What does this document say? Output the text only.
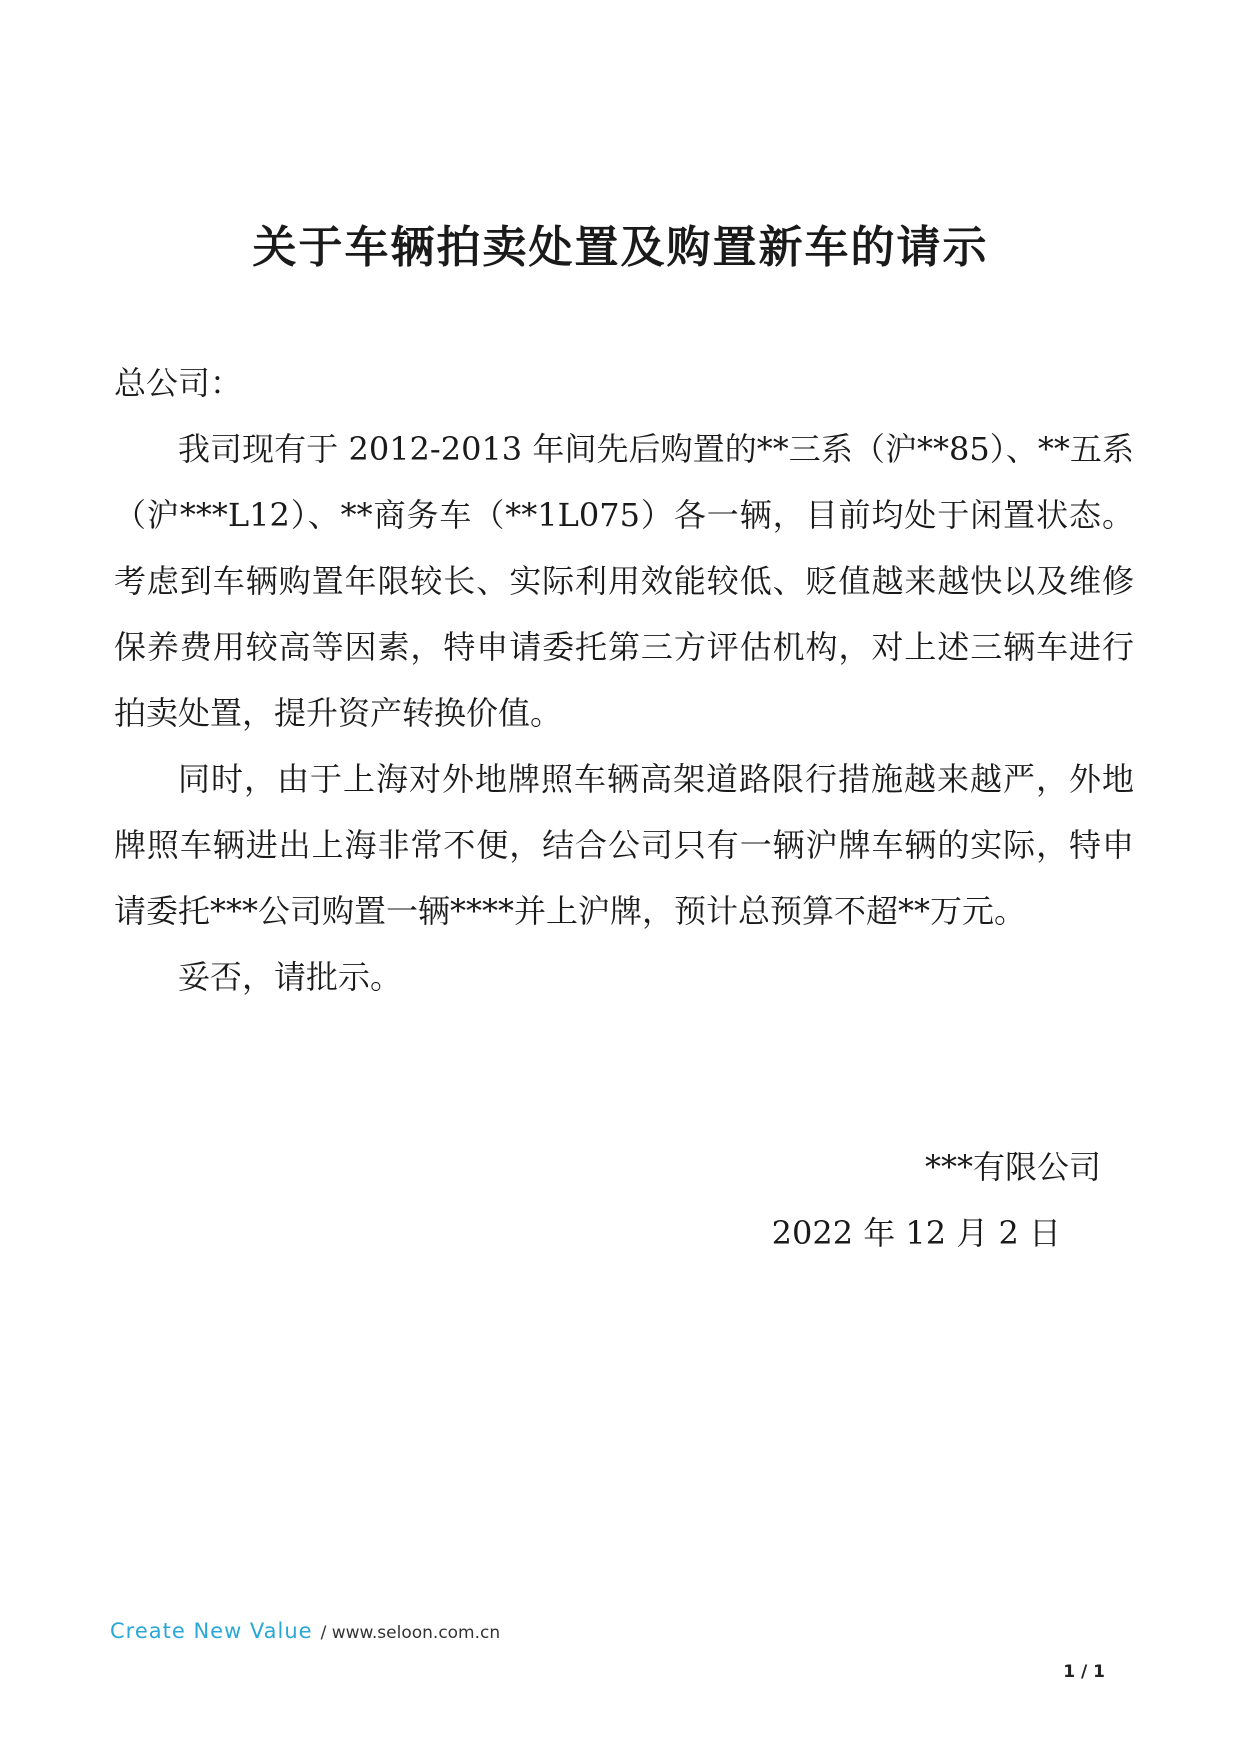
关于车辆拍卖处置及购置新车的请示
总公司：

我司现有于 2012-2013 年间先后购置的**三系（沪**85）、**五系（沪***L12）、**商务车（**1L075）各一辆，目前均处于闲置状态。考虑到车辆购置年限较长、实际利用效能较低、贬值越来越快以及维修保养费用较高等因素，特申请委托第三方评估机构，对上述三辆车进行拍卖处置，提升资产转换价值。

同时，由于上海对外地牌照车辆高架道路限行措施越来越严，外地牌照车辆进出上海非常不便，结合公司只有一辆沪牌车辆的实际，特申请委托***公司购置一辆****并上沪牌，预计总预算不超**万元。

妥否，请批示。

***有限公司
2022 年 12 月 2 日
Create New Value / www.seloon.com.cn
1 / 1
